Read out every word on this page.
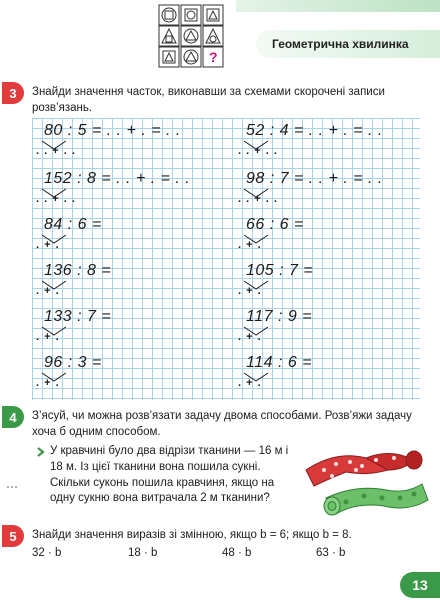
?
Геометрична хвилинка
3	Знайди значення часток, виконавши за схемами скорочені записи розв’язань.
80 : 5 = . . + . = . .
. . + . .
52 : 4 = . . + . = . .
. . + . .
152 : 8 = . . + . = . .
. . + . .
98 : 7 = . . + . = . .
. . + . .
84 : 6 =
. + .
66 : 6 =
. + .
136 : 8 =
. + .
105 : 7 =
. + .
133 : 7 =
. + .
117 : 9 =
. + .
96 : 3 =
. + .
114 : 6 =
. + .
4	З’ясуй, чи можна розв’язати задачу двома способами. Розв’яжи задачу хоча б одним способом.
У кравчині було два відрізи тканини — 16 м і 18 м. Із цієї тканини вона пошила сукні. Скільки суконь пошила кравчиня, якщо на одну сукню вона витрачала 2 м тканини?
5	Знайди значення виразів зі змінною, якщо b = 6; якщо b = 8.
32 · b	18 · b	48 · b	63 · b
13
